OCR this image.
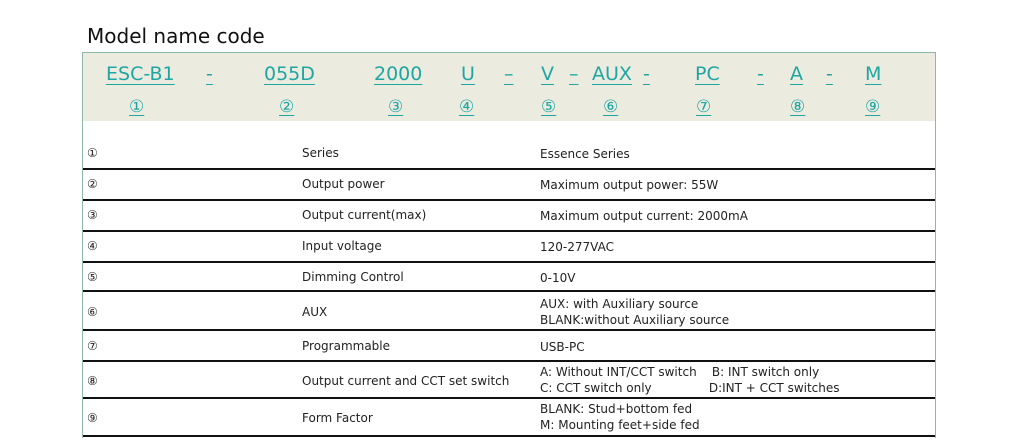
Model name code
ESC-B1 -	055D	2000 U – V – AUX - PC - A - M
①	②	③	④	⑤	⑥	⑦	⑧	⑨
①	Series	Essence Series
②	Output power	Maximum output power: 55W
③	Output current(max)	Maximum output current: 2000mA
④	Input voltage	120-277VAC
⑤	Dimming Control	0-10V
⑥	AUX
AUX: with Auxiliary source
BLANK:without Auxiliary source
⑦	Programmable	USB-PC
⑧	Output current and CCT set switch
A: Without INT/CCT switch    B: INT switch only
C: CCT switch only               D:INT + CCT switches
⑨	Form Factor
BLANK: Stud+bottom fed
M: Mounting feet+side fed
